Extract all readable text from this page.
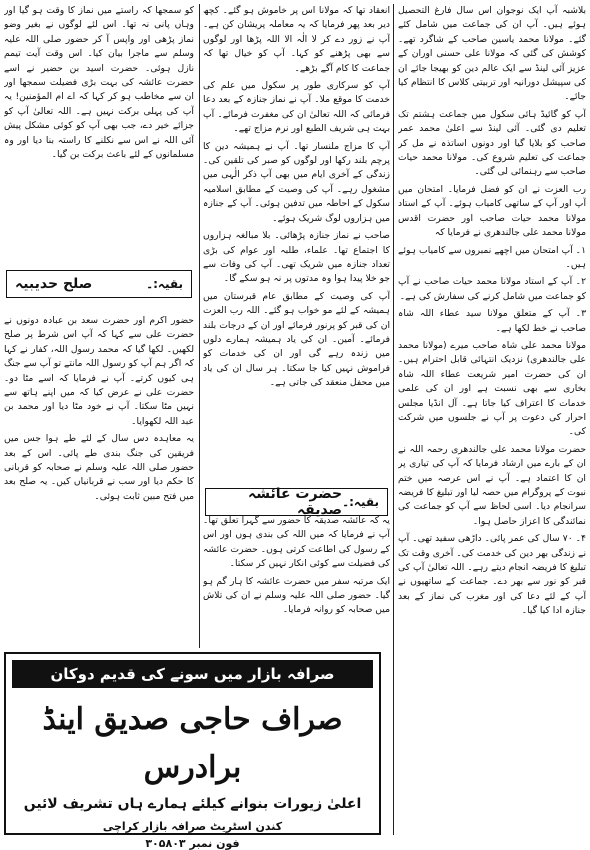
بلاشبہ آپ ایک نوجوان اس سال فارغ التحصیل ہوئے ہیں۔ آپ ان کی جماعت میں شامل کئے گئے۔ مولانا محمد یاسین صاحب کے شاگرد تھے۔ کوشش کی گئی کہ مولانا علی حسنی اوران کے عزیز آئی لینڈ سے ایک عالم دین کو بھیجا جائے ان کی سپیشل دورانیہ اور تربیتی کلاس کا انتظام کیا جائے۔

آپ کو گائیڈ ہائی سکول میں جماعت ہشتم تک تعلیم دی گئی۔ آئی لینڈ سے اعلیٰ محمد عمر صاحب کو بلایا گیا اور دونوں اساتذہ نے مل کر جماعت کی تعلیم شروع کی۔ مولانا محمد حیات صاحب سے رہنمائی لی گئی۔

رب العزت نے ان کو فضل فرمایا۔ امتحان میں آپ اور آپ کے ساتھی کامیاب ہوئے۔ آپ کے استاد مولانا محمد حیات صاحب اور حضرت اقدس مولانا محمد علی جالندھری نے فرمایا کہ

۱۔ آپ امتحان میں اچھے نمبروں سے کامیاب ہوئے ہیں۔

۲۔ آپ کے استاد مولانا محمد حیات صاحب نے آپ کو جماعت میں شامل کرنے کی سفارش کی ہے۔

۳۔ آپ کے متعلق مولانا سید عطاء اللہ شاہ صاحب نے خط لکھا ہے۔

مولانا محمد علی شاہ صاحب میرے (مولانا محمد علی جالندھری) نزدیک انتہائی قابل احترام ہیں۔ ان کی حضرت امیر شریعت عطاء اللہ شاہ بخاری سے بھی نسبت ہے اور ان کی علمی خدمات کا اعتراف کیا جاتا ہے۔ آل انڈیا مجلس احرار کی دعوت پر آپ نے جلسوں میں شرکت کی۔

حضرت مولانا محمد علی جالندھری رحمہ اللہ نے ان کے بارے میں ارشاد فرمایا کہ آپ کی تیاری پر ان کا اعتماد ہے۔ آپ نے اس عرصہ میں ختم نبوت کے پروگرام میں حصہ لیا اور تبلیغ کا فریضہ سرانجام دیا۔ اسی لحاظ سے آپ کو جماعت کی نمائندگی کا اعزاز حاصل ہوا۔

۴۔ ۷۰ سال کی عمر پائی۔ داڑھی سفید تھی۔ آپ نے زندگی بھر دین کی خدمت کی۔ آخری وقت تک تبلیغ کا فریضہ انجام دیتے رہے۔ اللہ تعالیٰ آپ کی قبر کو نور سے بھر دے۔ جماعت کے ساتھیوں نے آپ کے لئے دعا کی اور مغرب کی نماز کے بعد جنازہ ادا کیا گیا۔

انعقاد تھا کہ مولانا اس پر خاموش ہو گئے۔ کچھ دیر بعد پھر فرمایا کہ یہ معاملہ پریشان کن ہے۔ آپ نے زور دے کر لا الٰہ الا اللہ پڑھا اور لوگوں سے بھی پڑھنے کو کہا۔ آپ کو خیال تھا کہ جماعت کا کام آگے بڑھے۔

آپ کو سرکاری طور پر سکول میں علم کی خدمت کا موقع ملا۔ آپ نے نماز جنازہ کے بعد دعا فرمائی کہ اللہ تعالیٰ ان کی مغفرت فرمائے۔ آپ بہت ہی شریف الطبع اور نرم مزاج تھے۔

آپ کا مزاج ملنسار تھا۔ آپ نے ہمیشہ دین کا پرچم بلند رکھا اور لوگوں کو صبر کی تلقین کی۔ زندگی کے آخری ایام میں بھی آپ ذکر الٰہی میں مشغول رہے۔ آپ کی وصیت کے مطابق اسلامیہ سکول کے احاطہ میں تدفین ہوئی۔ آپ کے جنازہ میں ہزاروں لوگ شریک ہوئے۔

صاحب نے نماز جنازہ پڑھائی۔ بلا مبالغہ ہزاروں کا اجتماع تھا۔ علماء، طلبہ اور عوام کی بڑی تعداد جنازہ میں شریک تھی۔ آپ کی وفات سے جو خلا پیدا ہوا وہ مدتوں پر نہ ہو سکے گا۔

آپ کی وصیت کے مطابق عام قبرستان میں ہمیشہ کے لئے مو خواب ہو گئے۔ اللہ رب العزت ان کی قبر کو پرنور فرمائے اور ان کے درجات بلند فرمائے۔ آمین۔ ان کی یاد ہمیشہ ہمارے دلوں میں زندہ رہے گی اور ان کی خدمات کو فراموش نہیں کیا جا سکتا۔ ہر سال ان کی یاد میں محفل منعقد کی جاتی ہے۔

بقیہ:۔
حضرت عائشہ صدیقہ

یہ کہ عائشہ صدیقہ کا حضور سے گہرا تعلق تھا۔ آپ نے فرمایا کہ میں اللہ کی بندی ہوں اور اس کے رسول کی اطاعت کرتی ہوں۔ حضرت عائشہ کی فضیلت سے کوئی انکار نہیں کر سکتا۔

ایک مرتبہ سفر میں حضرت عائشہ کا ہار گم ہو گیا۔ حضور صلی اللہ علیہ وسلم نے ان کی تلاش میں صحابہ کو روانہ فرمایا۔

کو سمجھا کہ راستے میں نماز کا وقت ہو گیا اور وہاں پانی نہ تھا۔ اس لئے لوگوں نے بغیر وضو نماز پڑھی اور واپس آ کر حضور صلی اللہ علیہ وسلم سے ماجرا بیان کیا۔ اس وقت آیت تیمم نازل ہوئی۔ حضرت اسید بن حضیر نے اسے حضرت عائشہ کی بہت بڑی فضیلت سمجھا اور ان سے مخاطب ہو کر کہا کہ اے ام المؤمنین! یہ آپ کی پہلی برکت نہیں ہے۔ اللہ تعالیٰ آپ کو جزائے خیر دے، جب بھی آپ کو کوئی مشکل پیش آئی اللہ نے اس سے نکلنے کا راستہ بنا دیا اور وہ مسلمانوں کے لئے باعث برکت بن گیا۔

بقیہ:۔
صلح حدیبیہ

حضور اکرم اور حضرت سعد بن عبادہ دونوں نے حضرت علی سے کہا کہ آپ اس شرط پر صلح لکھیں۔ لکھا گیا کہ محمد رسول اللہ، کفار نے کہا کہ اگر ہم آپ کو رسول اللہ مانتے تو آپ سے جنگ ہی کیوں کرتے۔ آپ نے فرمایا کہ اسے مٹا دو۔ حضرت علی نے عرض کیا کہ میں اپنے ہاتھ سے نہیں مٹا سکتا۔ آپ نے خود مٹا دیا اور محمد بن عبد اللہ لکھوایا۔

یہ معاہدہ دس سال کے لئے طے ہوا جس میں فریقین کی جنگ بندی طے پائی۔ اس کے بعد حضور صلی اللہ علیہ وسلم نے صحابہ کو قربانی کا حکم دیا اور سب نے قربانیاں کیں۔ یہ صلح بعد میں فتح مبین ثابت ہوئی۔

صرافہ بازار میں سونے کی قدیم دوکان
صراف حاجی صدیق اینڈ برادرس
اعلیٰ زیورات بنوانے کیلئے ہمارے ہاں تشریف لائیں
کندن اسٹریٹ صرافہ بازار کراچی
فون نمبر ۳۰۵۸۰۳
